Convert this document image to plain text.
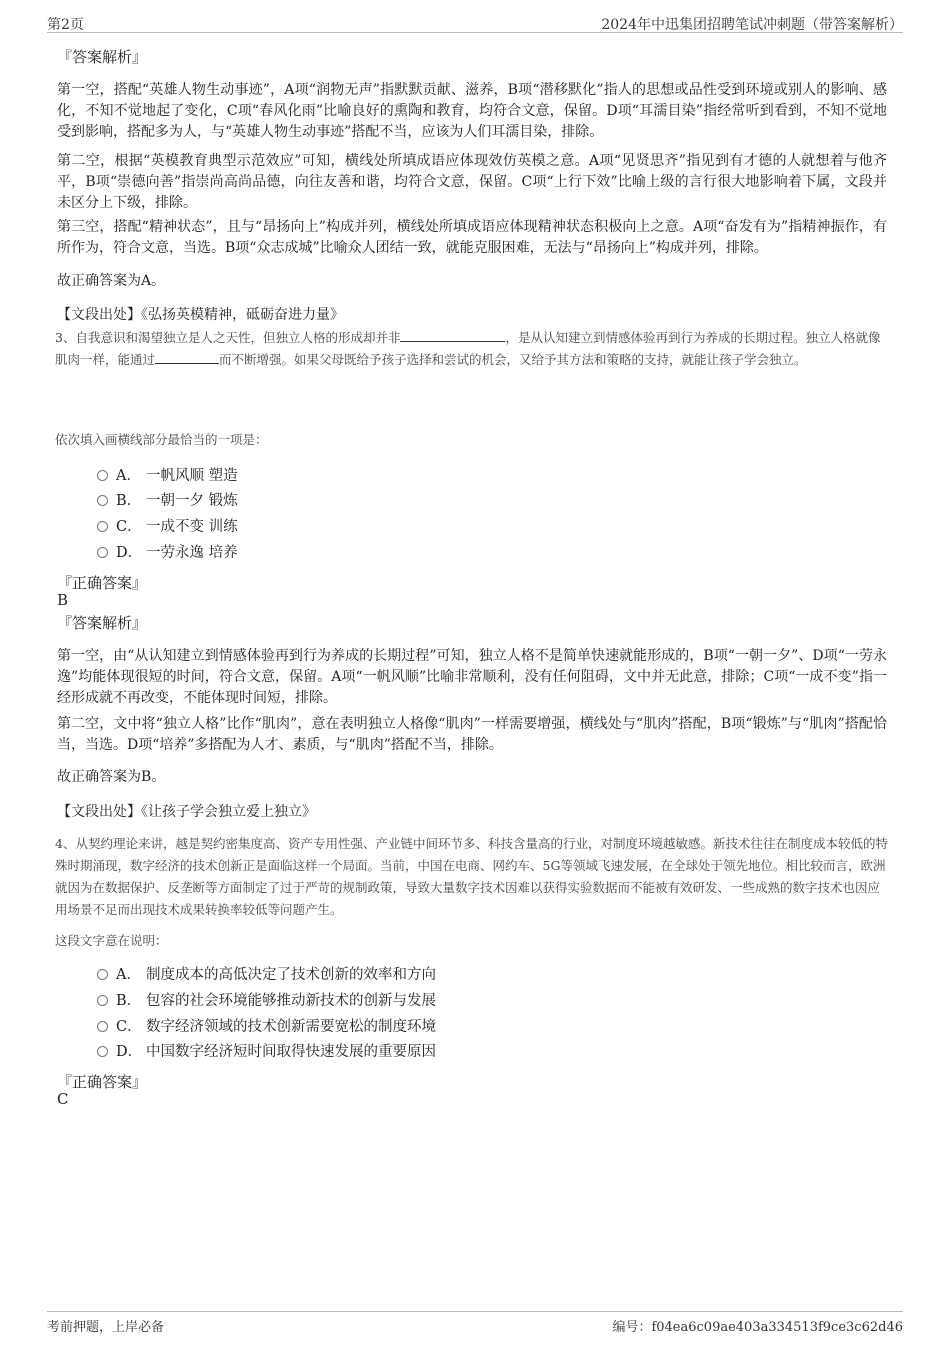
第2页	2024年中迅集团招聘笔试冲刺题（带答案解析）
『答案解析』

第一空，搭配“英雄人物生动事迹”，A项“润物无声”指默默贡献、滋养，B项“潜移默化”指人的思想或品性受到环境或别人的影响、感化，不知不觉地起了变化，C项“春风化雨”比喻良好的熏陶和教育，均符合文意，保留。D项“耳濡目染”指经常听到看到，不知不觉地受到影响，搭配多为人，与“英雄人物生动事迹”搭配不当，应该为人们耳濡目染，排除。

第二空，根据“英模教育典型示范效应”可知，横线处所填成语应体现效仿英模之意。A项“见贤思齐”指见到有才德的人就想着与他齐平，B项“崇德向善”指崇尚高尚品德，向往友善和谐，均符合文意，保留。C项“上行下效”比喻上级的言行很大地影响着下属，文段并未区分上下级，排除。

第三空，搭配“精神状态”，且与“昂扬向上”构成并列，横线处所填成语应体现精神状态积极向上之意。A项“奋发有为”指精神振作，有所作为，符合文意，当选。B项“众志成城”比喻众人团结一致，就能克服困难，无法与“昂扬向上”构成并列，排除。

故正确答案为A。

【文段出处】《弘扬英模精神，砥砺奋进力量》

3、自我意识和渴望独立是人之天性，但独立人格的形成却并非	，是从认知建立到情感体验再到行为养成的长期过程。独立人格就像肌肉一样，能通过	而不断增强。如果父母既给予孩子选择和尝试的机会，又给予其方法和策略的支持，就能让孩子学会独立。

依次填入画横线部分最恰当的一项是：
A． 一帆风顺 塑造
B． 一朝一夕 锻炼
C． 一成不变 训练
D． 一劳永逸 培养
『正确答案』
B
『答案解析』

第一空，由“从认知建立到情感体验再到行为养成的长期过程”可知，独立人格不是简单快速就能形成的，B项“一朝一夕”、D项“一劳永逸”均能体现很短的时间，符合文意，保留。A项“一帆风顺”比喻非常顺利，没有任何阻碍，文中并无此意，排除；C项“一成不变”指一经形成就不再改变，不能体现时间短，排除。

第二空，文中将“独立人格”比作“肌肉”，意在表明独立人格像“肌肉”一样需要增强，横线处与“肌肉”搭配，B项“锻炼”与“肌肉”搭配恰当，当选。D项“培养”多搭配为人才、素质，与“肌肉”搭配不当，排除。

故正确答案为B。

【文段出处】《让孩子学会独立爱上独立》

4、从契约理论来讲，越是契约密集度高、资产专用性强、产业链中间环节多、科技含量高的行业，对制度环境越敏感。新技术往往在制度成本较低的特殊时期涌现，数字经济的技术创新正是面临这样一个局面。当前，中国在电商、网约车、5G等领域飞速发展，在全球处于领先地位。相比较而言，欧洲就因为在数据保护、反垄断等方面制定了过于严苛的规制政策，导致大量数字技术因难以获得实验数据而不能被有效研发、一些成熟的数字技术也因应用场景不足而出现技术成果转换率较低等问题产生。

这段文字意在说明：
A． 制度成本的高低决定了技术创新的效率和方向
B． 包容的社会环境能够推动新技术的创新与发展
C． 数字经济领域的技术创新需要宽松的制度环境
D． 中国数字经济短时间取得快速发展的重要原因
『正确答案』
C
考前押题，上岸必备	编号：f04ea6c09ae403a334513f9ce3c62d46
